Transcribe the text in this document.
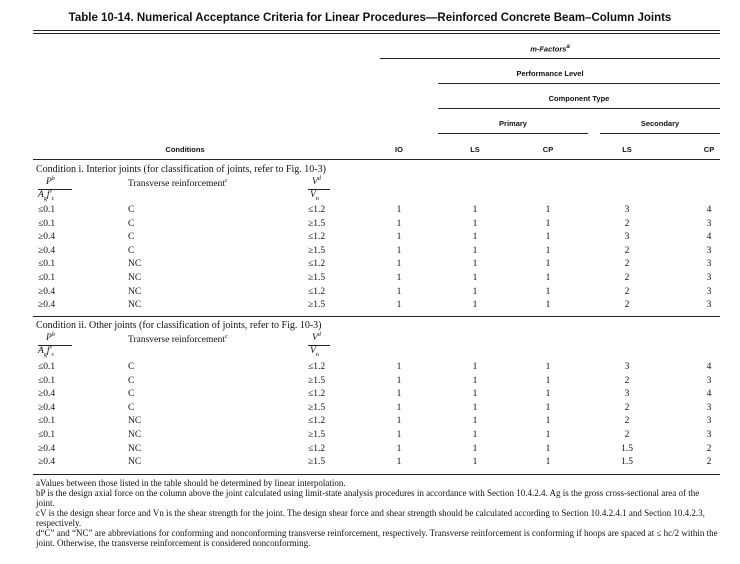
Table 10-14. Numerical Acceptance Criteria for Linear Procedures—Reinforced Concrete Beam–Column Joints
m-Factors$^a$
Performance Level
Component Type
Primary	Secondary
Conditions	IO	LS	CP	LS	CP
Condition i. Interior joints (for classification of joints, refer to Fig. 10-3)
$P^b$
$A_gf'_c$
Transverse reinforcement$^c$	$V^d$
$V_n$
≤0.1	C	≤1.2	1	1	1	3	4
≤0.1	C	≥1.5	1	1	1	2	3
≥0.4	C	≤1.2	1	1	1	3	4
≥0.4	C	≥1.5	1	1	1	2	3
≤0.1	NC	≤1.2	1	1	1	2	3
≤0.1	NC	≥1.5	1	1	1	2	3
≥0.4	NC	≤1.2	1	1	1	2	3
≥0.4	NC	≥1.5	1	1	1	2	3
Condition ii. Other joints (for classification of joints, refer to Fig. 10-3)
$P^b$
$A_gf'_c$
Transverse reinforcement$^c$	$V^d$
$V_n$
≤0.1	C	≤1.2	1	1	1	3	4
≤0.1	C	≥1.5	1	1	1	2	3
≥0.4	C	≤1.2	1	1	1	3	4
≥0.4	C	≥1.5	1	1	1	2	3
≤0.1	NC	≤1.2	1	1	1	2	3
≤0.1	NC	≥1.5	1	1	1	2	3
≥0.4	NC	≤1.2	1	1	1	1.5	2
≥0.4	NC	≥1.5	1	1	1	1.5	2
aValues between those listed in the table should be determined by linear interpolation.
bP is the design axial force on the column above the joint calculated using limit-state analysis procedures in accordance with Section 10.4.2.4. Ag is the gross cross-sectional area of the joint.
cV is the design shear force and Vn is the shear strength for the joint. The design shear force and shear strength should be calculated according to Section 10.4.2.4.1 and Section 10.4.2.3, respectively.
d“C” and “NC” are abbreviations for conforming and nonconforming transverse reinforcement, respectively. Transverse reinforcement is conforming if hoops are spaced at ≤ hc/2 within the joint. Otherwise, the transverse reinforcement is considered nonconforming.
